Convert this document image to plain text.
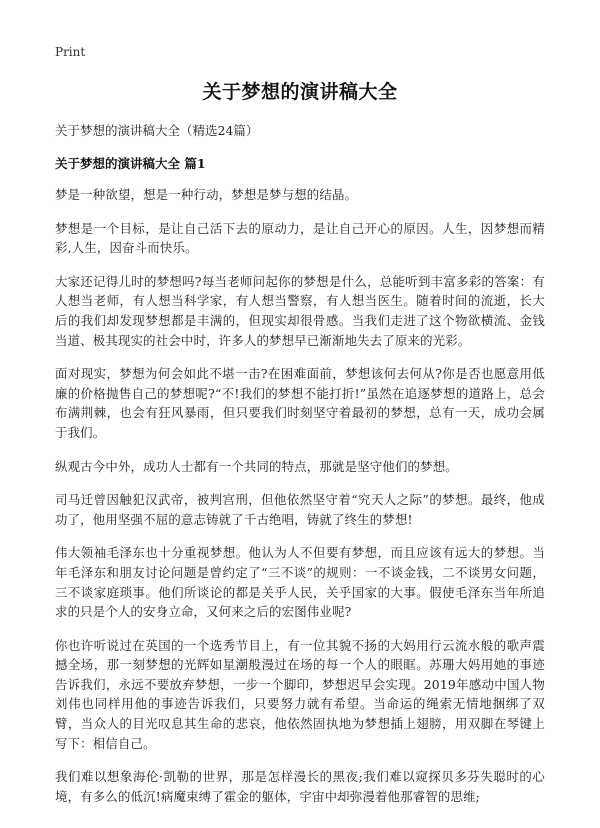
Print
关于梦想的演讲稿大全

关于梦想的演讲稿大全（精选24篇）

关于梦想的演讲稿大全 篇1

梦是一种欲望，想是一种行动，梦想是梦与想的结晶。

梦想是一个目标，是让自己活下去的原动力，是让自己开心的原因。人生，因梦想而精彩,人生，因奋斗而快乐。

大家还记得儿时的梦想吗?每当老师问起你的梦想是什么，总能听到丰富多彩的答案：有人想当老师，有人想当科学家，有人想当警察，有人想当医生。随着时间的流逝，长大后的我们却发现梦想都是丰满的，但现实却很骨感。当我们走进了这个物欲横流、金钱当道、极其现实的社会中时，许多人的梦想早已渐渐地失去了原来的光彩。

面对现实，梦想为何会如此不堪一击?在困难面前，梦想该何去何从?你是否也愿意用低廉的价格抛售自己的梦想呢?“不!我们的梦想不能打折!”虽然在追逐梦想的道路上，总会布满荆棘，也会有狂风暴雨，但只要我们时刻坚守着最初的梦想，总有一天，成功会属于我们。

纵观古今中外，成功人士都有一个共同的特点，那就是坚守他们的梦想。

司马迁曾因触犯汉武帝，被判宫刑，但他依然坚守着“究天人之际”的梦想。最终，他成功了，他用坚强不屈的意志铸就了千古绝唱，铸就了终生的梦想!

伟大领袖毛泽东也十分重视梦想。他认为人不但要有梦想，而且应该有远大的梦想。当年毛泽东和朋友讨论问题是曾约定了“三不谈”的规则：一不谈金钱，二不谈男女问题，三不谈家庭琐事。他们所谈论的都是关乎人民，关乎国家的大事。假使毛泽东当年所追求的只是个人的安身立命，又何来之后的宏图伟业呢?

你也许听说过在英国的一个选秀节目上，有一位其貌不扬的大妈用行云流水般的歌声震撼全场，那一刻梦想的光辉如星潮般漫过在场的每一个人的眼眶。苏珊大妈用她的事迹告诉我们，永远不要放弃梦想，一步一个脚印，梦想迟早会实现。2019年感动中国人物刘伟也同样用他的事迹告诉我们，只要努力就有希望。当命运的绳索无情地捆绑了双臂，当众人的目光叹息其生命的悲哀，他依然固执地为梦想插上翅膀，用双脚在琴键上写下：相信自己。

我们难以想象海伦·凯勒的世界，那是怎样漫长的黑夜;我们难以窥探贝多芬失聪时的心境，有多么的低沉!病魔束缚了霍金的躯体，宇宙中却弥漫着他那睿智的思维;
